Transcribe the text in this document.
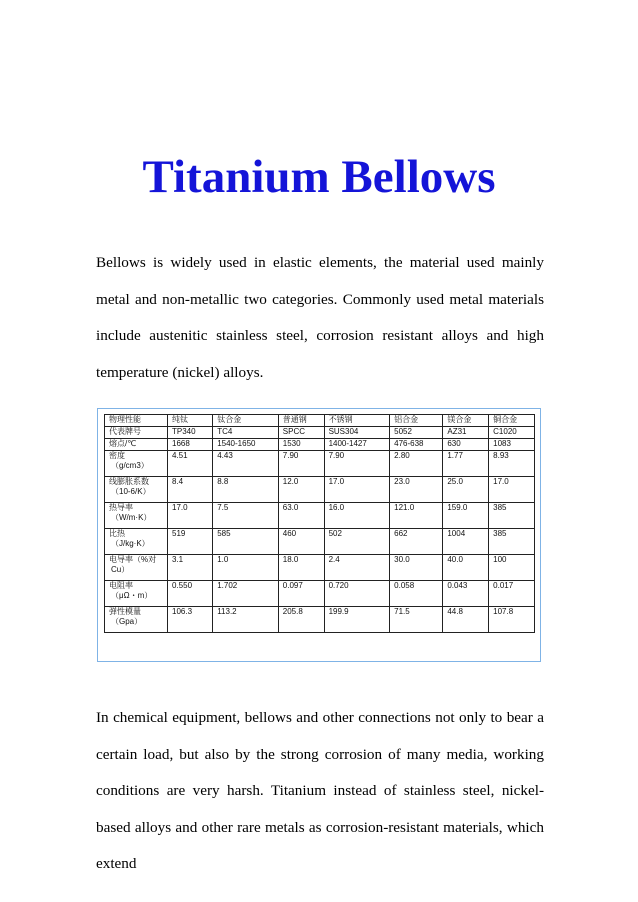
Titanium Bellows

Bellows is widely used in elastic elements, the material used mainly metal and non-metallic two categories. Commonly used metal materials include austenitic stainless steel, corrosion resistant alloys and high temperature (nickel) alloys.

物理性能	纯钛	钛合金	普通钢	不锈钢	铝合金	镁合金	铜合金
代表牌号	TP340	TC4	SPCC	SUS304	5052	AZ31	C1020
熔点/℃	1668	1540-1650	1530	1400-1427	476-638	630	1083
密度
（g/cm3）	4.51	4.43	7.90	7.90	2.80	1.77	8.93
线膨胀系数
（10-6/K）	8.4	8.8	12.0	17.0	23.0	25.0	17.0
热导率
（W/m·K）	17.0	7.5	63.0	16.0	121.0	159.0	385
比热
（J/kg·K）	519	585	460	502	662	1004	385
电导率（%对
Cu）	3.1	1.0	18.0	2.4	30.0	40.0	100
电阻率
（μΩ・m）	0.550	1.702	0.097	0.720	0.058	0.043	0.017
弹性模量
（Gpa）	106.3	113.2	205.8	199.9	71.5	44.8	107.8

In chemical equipment, bellows and other connections not only to bear a certain load, but also by the strong corrosion of many media, working conditions are very harsh. Titanium instead of stainless steel, nickel-based alloys and other rare metals as corrosion-resistant materials, which extend
